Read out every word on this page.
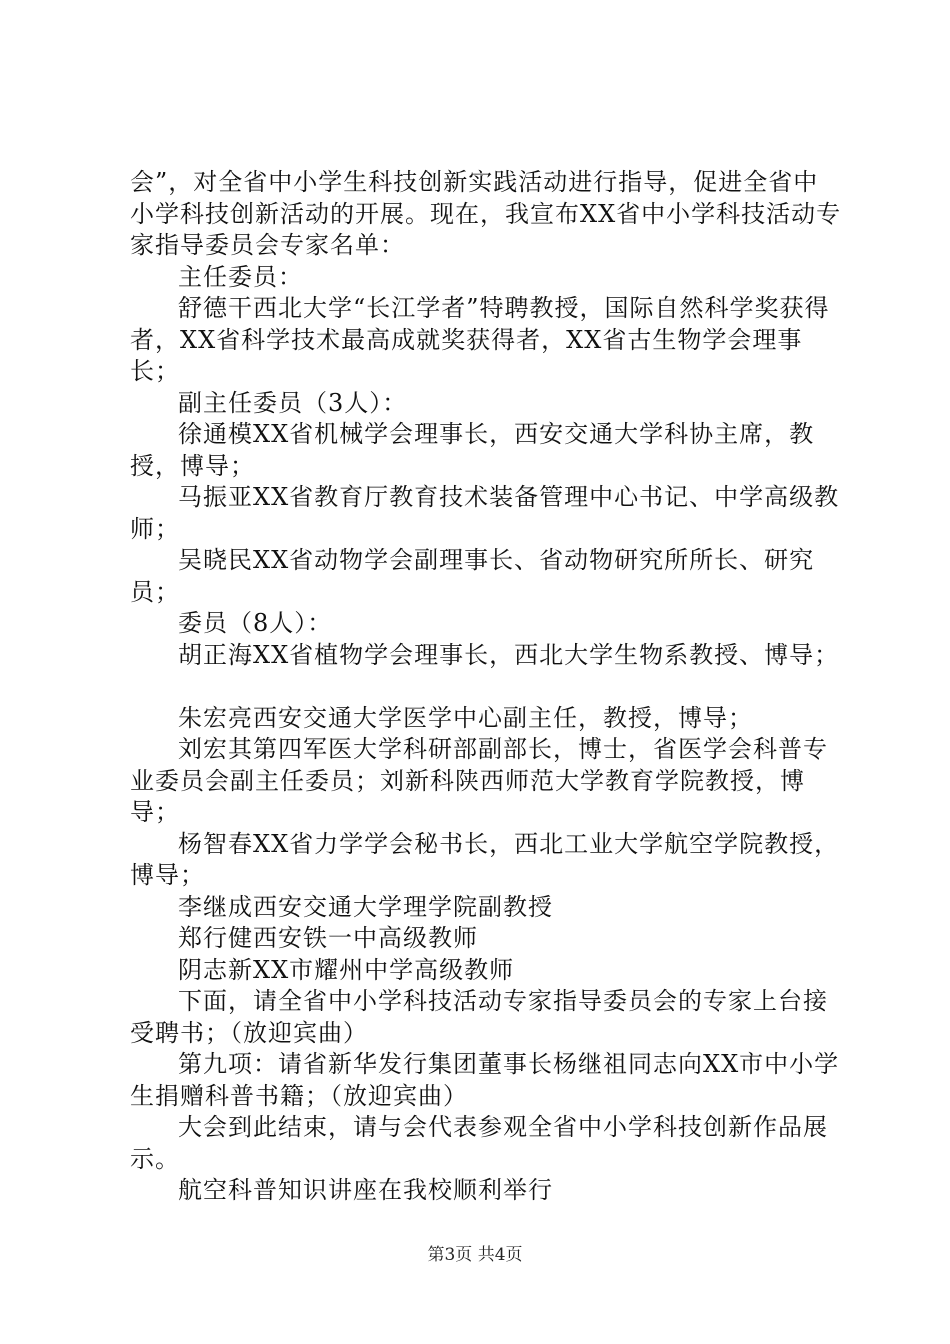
会”，对全省中小学生科技创新实践活动进行指导，促进全省中小学科技创新活动的开展。现在，我宣布XX省中小学科技活动专家指导委员会专家名单：

主任委员：

舒德干西北大学“长江学者”特聘教授，国际自然科学奖获得者，XX省科学技术最高成就奖获得者，XX省古生物学会理事长；

副主任委员（3人）：

徐通模XX省机械学会理事长，西安交通大学科协主席，教授，博导；

马振亚XX省教育厅教育技术装备管理中心书记、中学高级教师；

吴晓民XX省动物学会副理事长、省动物研究所所长、研究员；

委员（8人）：

胡正海XX省植物学会理事长，西北大学生物系教授、博导；

朱宏亮西安交通大学医学中心副主任，教授，博导；

刘宏其第四军医大学科研部副部长，博士，省医学会科普专业委员会副主任委员；刘新科陕西师范大学教育学院教授，博导；

杨智春XX省力学学会秘书长，西北工业大学航空学院教授，博导；

李继成西安交通大学理学院副教授

郑行健西安铁一中高级教师

阴志新XX市耀州中学高级教师

下面，请全省中小学科技活动专家指导委员会的专家上台接受聘书；（放迎宾曲）

第九项：请省新华发行集团董事长杨继祖同志向XX市中小学生捐赠科普书籍；（放迎宾曲）

大会到此结束，请与会代表参观全省中小学科技创新作品展示。

航空科普知识讲座在我校顺利举行

第3页 共4页
